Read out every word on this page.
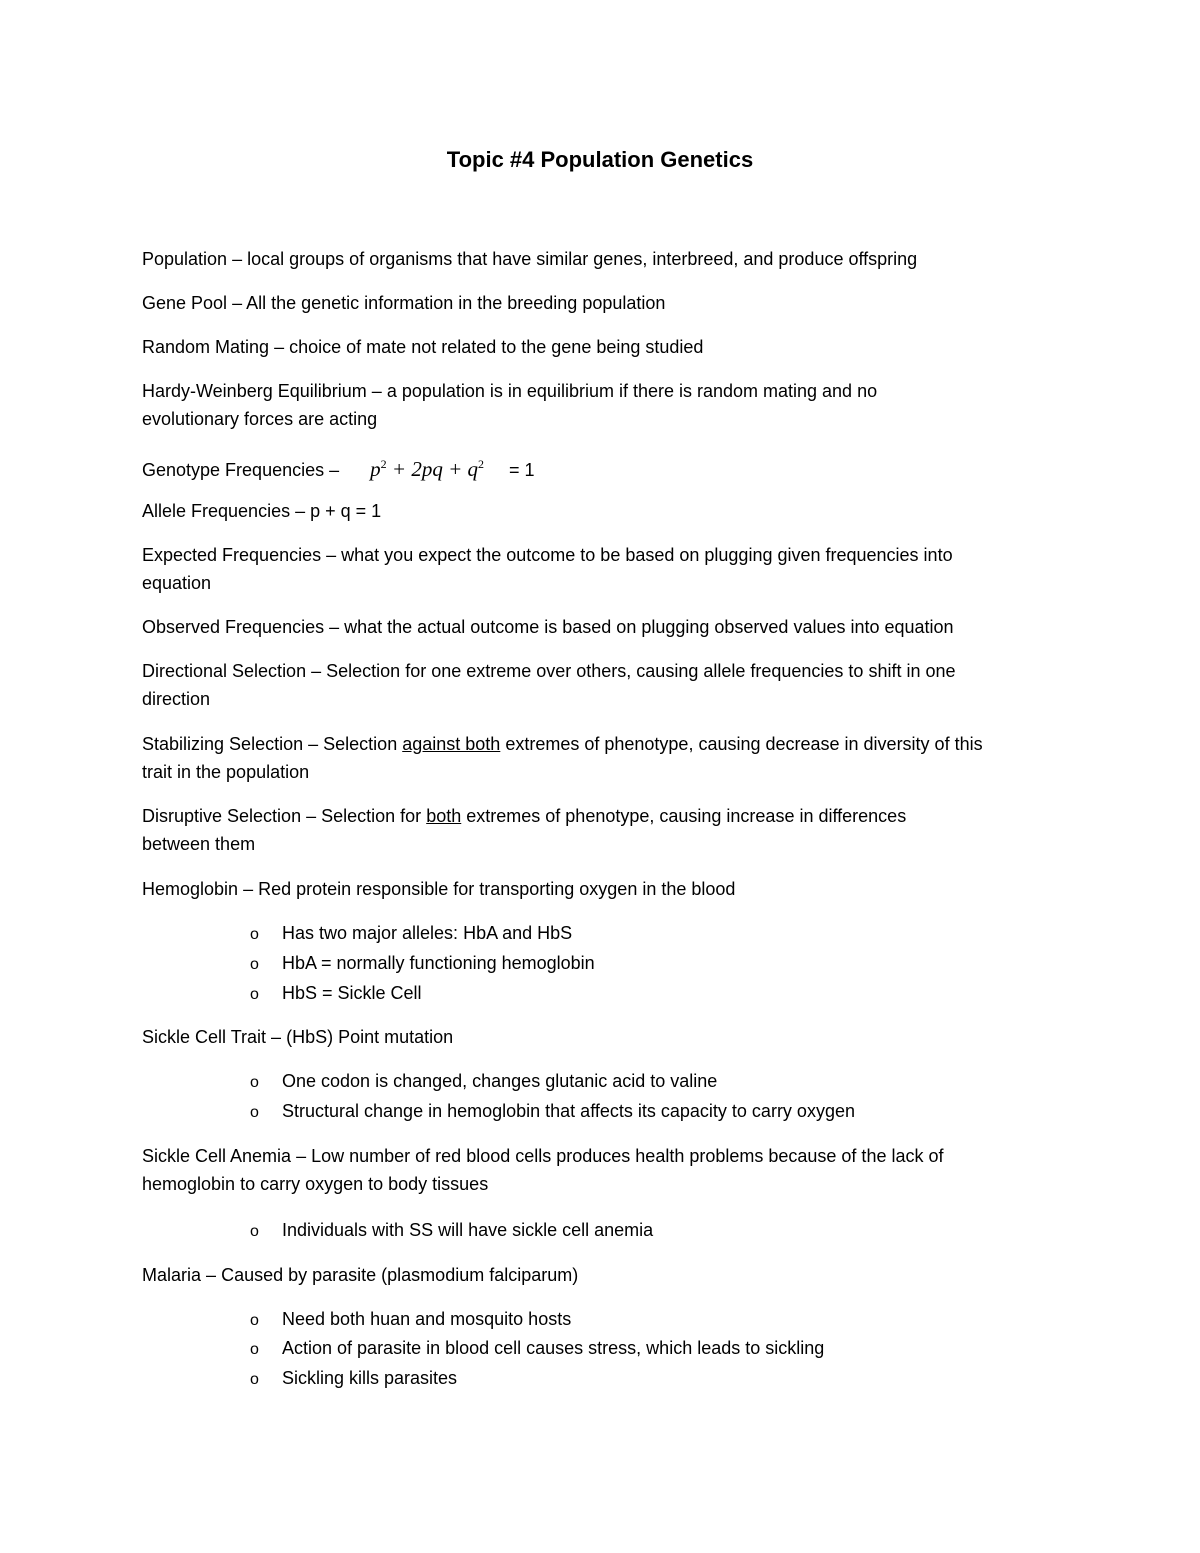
Topic #4 Population Genetics
Population – local groups of organisms that have similar genes, interbreed, and produce offspring
Gene Pool – All the genetic information in the breeding population
Random Mating – choice of mate not related to the gene being studied
Hardy-Weinberg Equilibrium – a population is in equilibrium if there is random mating and no
evolutionary forces are acting
Genotype Frequencies – $p^2 + 2pq + q^2 = 1$
Allele Frequencies – p + q = 1
Expected Frequencies – what you expect the outcome to be based on plugging given frequencies into
equation
Observed Frequencies – what the actual outcome is based on plugging observed values into equation
Directional Selection – Selection for one extreme over others, causing allele frequencies to shift in one
direction
Stabilizing Selection – Selection against both extremes of phenotype, causing decrease in diversity of this
trait in the population
Disruptive Selection – Selection for both extremes of phenotype, causing increase in differences
between them
Hemoglobin – Red protein responsible for transporting oxygen in the blood
o Has two major alleles: HbA and HbS
o HbA = normally functioning hemoglobin
o HbS = Sickle Cell
Sickle Cell Trait – (HbS) Point mutation
o One codon is changed, changes glutanic acid to valine
o Structural change in hemoglobin that affects its capacity to carry oxygen
Sickle Cell Anemia – Low number of red blood cells produces health problems because of the lack of
hemoglobin to carry oxygen to body tissues
o Individuals with SS will have sickle cell anemia
Malaria – Caused by parasite (plasmodium falciparum)
o Need both huan and mosquito hosts
o Action of parasite in blood cell causes stress, which leads to sickling
o Sickling kills parasites
